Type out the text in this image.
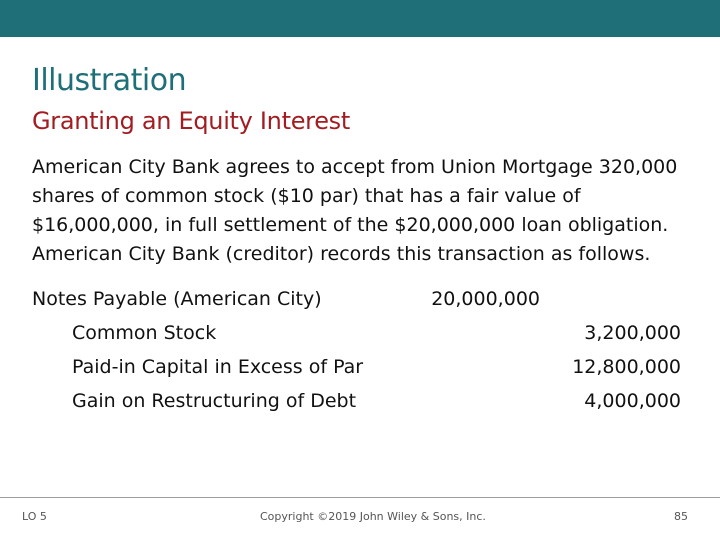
Illustration
Granting an Equity Interest

American City Bank agrees to accept from Union Mortgage 320,000 shares of common stock ($10 par) that has a fair value of $16,000,000, in full settlement of the $20,000,000 loan obligation. American City Bank (creditor) records this transaction as follows.

Notes Payable (American City)	20,000,000
Common Stock	3,200,000
Paid-in Capital in Excess of Par	12,800,000
Gain on Restructuring of Debt	4,000,000
LO 5	Copyright ©2019 John Wiley & Sons, Inc.	85
